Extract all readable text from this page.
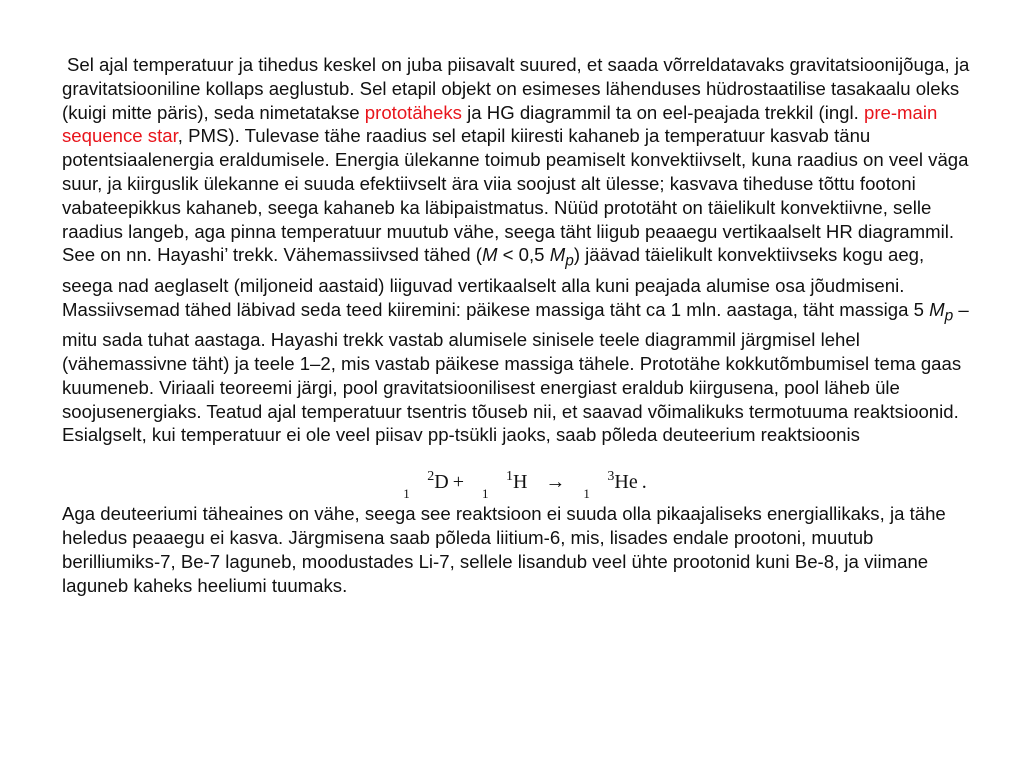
Sel ajal temperatuur ja tihedus keskel on juba piisavalt suured, et saada võrreldatavaks gravitatsioonijõuga, ja gravitatsiooniline kollaps aeglustub. Sel etapil objekt on esimeses lähenduses hüdrostaatilise tasakaalu oleks (kuigi mitte päris), seda nimetatakse prototäheks ja HG diagrammil ta on eel-peajada trekkil (ingl. pre-main sequence star, PMS). Tulevase tähe raadius sel etapil kiiresti kahaneb ja temperatuur kasvab tänu potentsiaalenergia eraldumisele. Energia ülekanne toimub peamiselt konvektiivselt, kuna raadius on veel väga suur, ja kiirguslik ülekanne ei suuda efektiivselt ära viia soojust alt ülesse; kasvava tiheduse tõttu footoni vabateepikkus kahaneb, seega kahaneb ka läbipaistmatus. Nüüd prototäht on täielikult konvektiivne, selle raadius langeb, aga pinna temperatuur muutub vähe, seega täht liigub peaaegu vertikaalselt HR diagrammil. See on nn. Hayashi’ trekk. Vähemassiivsed tähed (M < 0,5 $M_p$) jäävad täielikult konvektiivseks kogu aeg, seega nad aeglaselt (miljoneid aastaid) liiguvad vertikaalselt alla kuni peajada alumise osa jõudmiseni. Massiivsemad tähed läbivad seda teed kiiremini: päikese massiga täht ca 1 mln. aastaga, täht massiga 5 $M_p$ – mitu sada tuhat aastaga. Hayashi trekk vastab alumisele sinisele teele diagrammil järgmisel lehel (vähemassivne täht) ja teele 1–2, mis vastab päikese massiga tähele. Prototähe kokkutõmbumisel tema gaas kuumeneb. Viriaali teoreemi järgi, pool gravitatsioonilisest energiast eraldub kiirgusena, pool läheb üle soojusenergiaks. Teatud ajal temperatuur tsentris tõuseb nii, et saavad võimalikuks termotuuma reaktsioonid. Esialgselt, kui temperatuur ei ole veel piisav pp-tsükli jaoks, saab põleda deuteerium reaktsioonis

1
$^2$D +
1
$^1$H →
1
$^3$He .

Aga deuteeriumi täheaines on vähe, seega see reaktsioon ei suuda olla pikaajaliseks energiallikaks, ja tähe heledus peaaegu ei kasva. Järgmisena saab põleda liitium-6, mis, lisades endale prootoni, muutub berilliumiks-7, Be-7 laguneb, moodustades Li-7, sellele lisandub veel ühte prootonid kuni Be-8, ja viimane laguneb kaheks heeliumi tuumaks.
